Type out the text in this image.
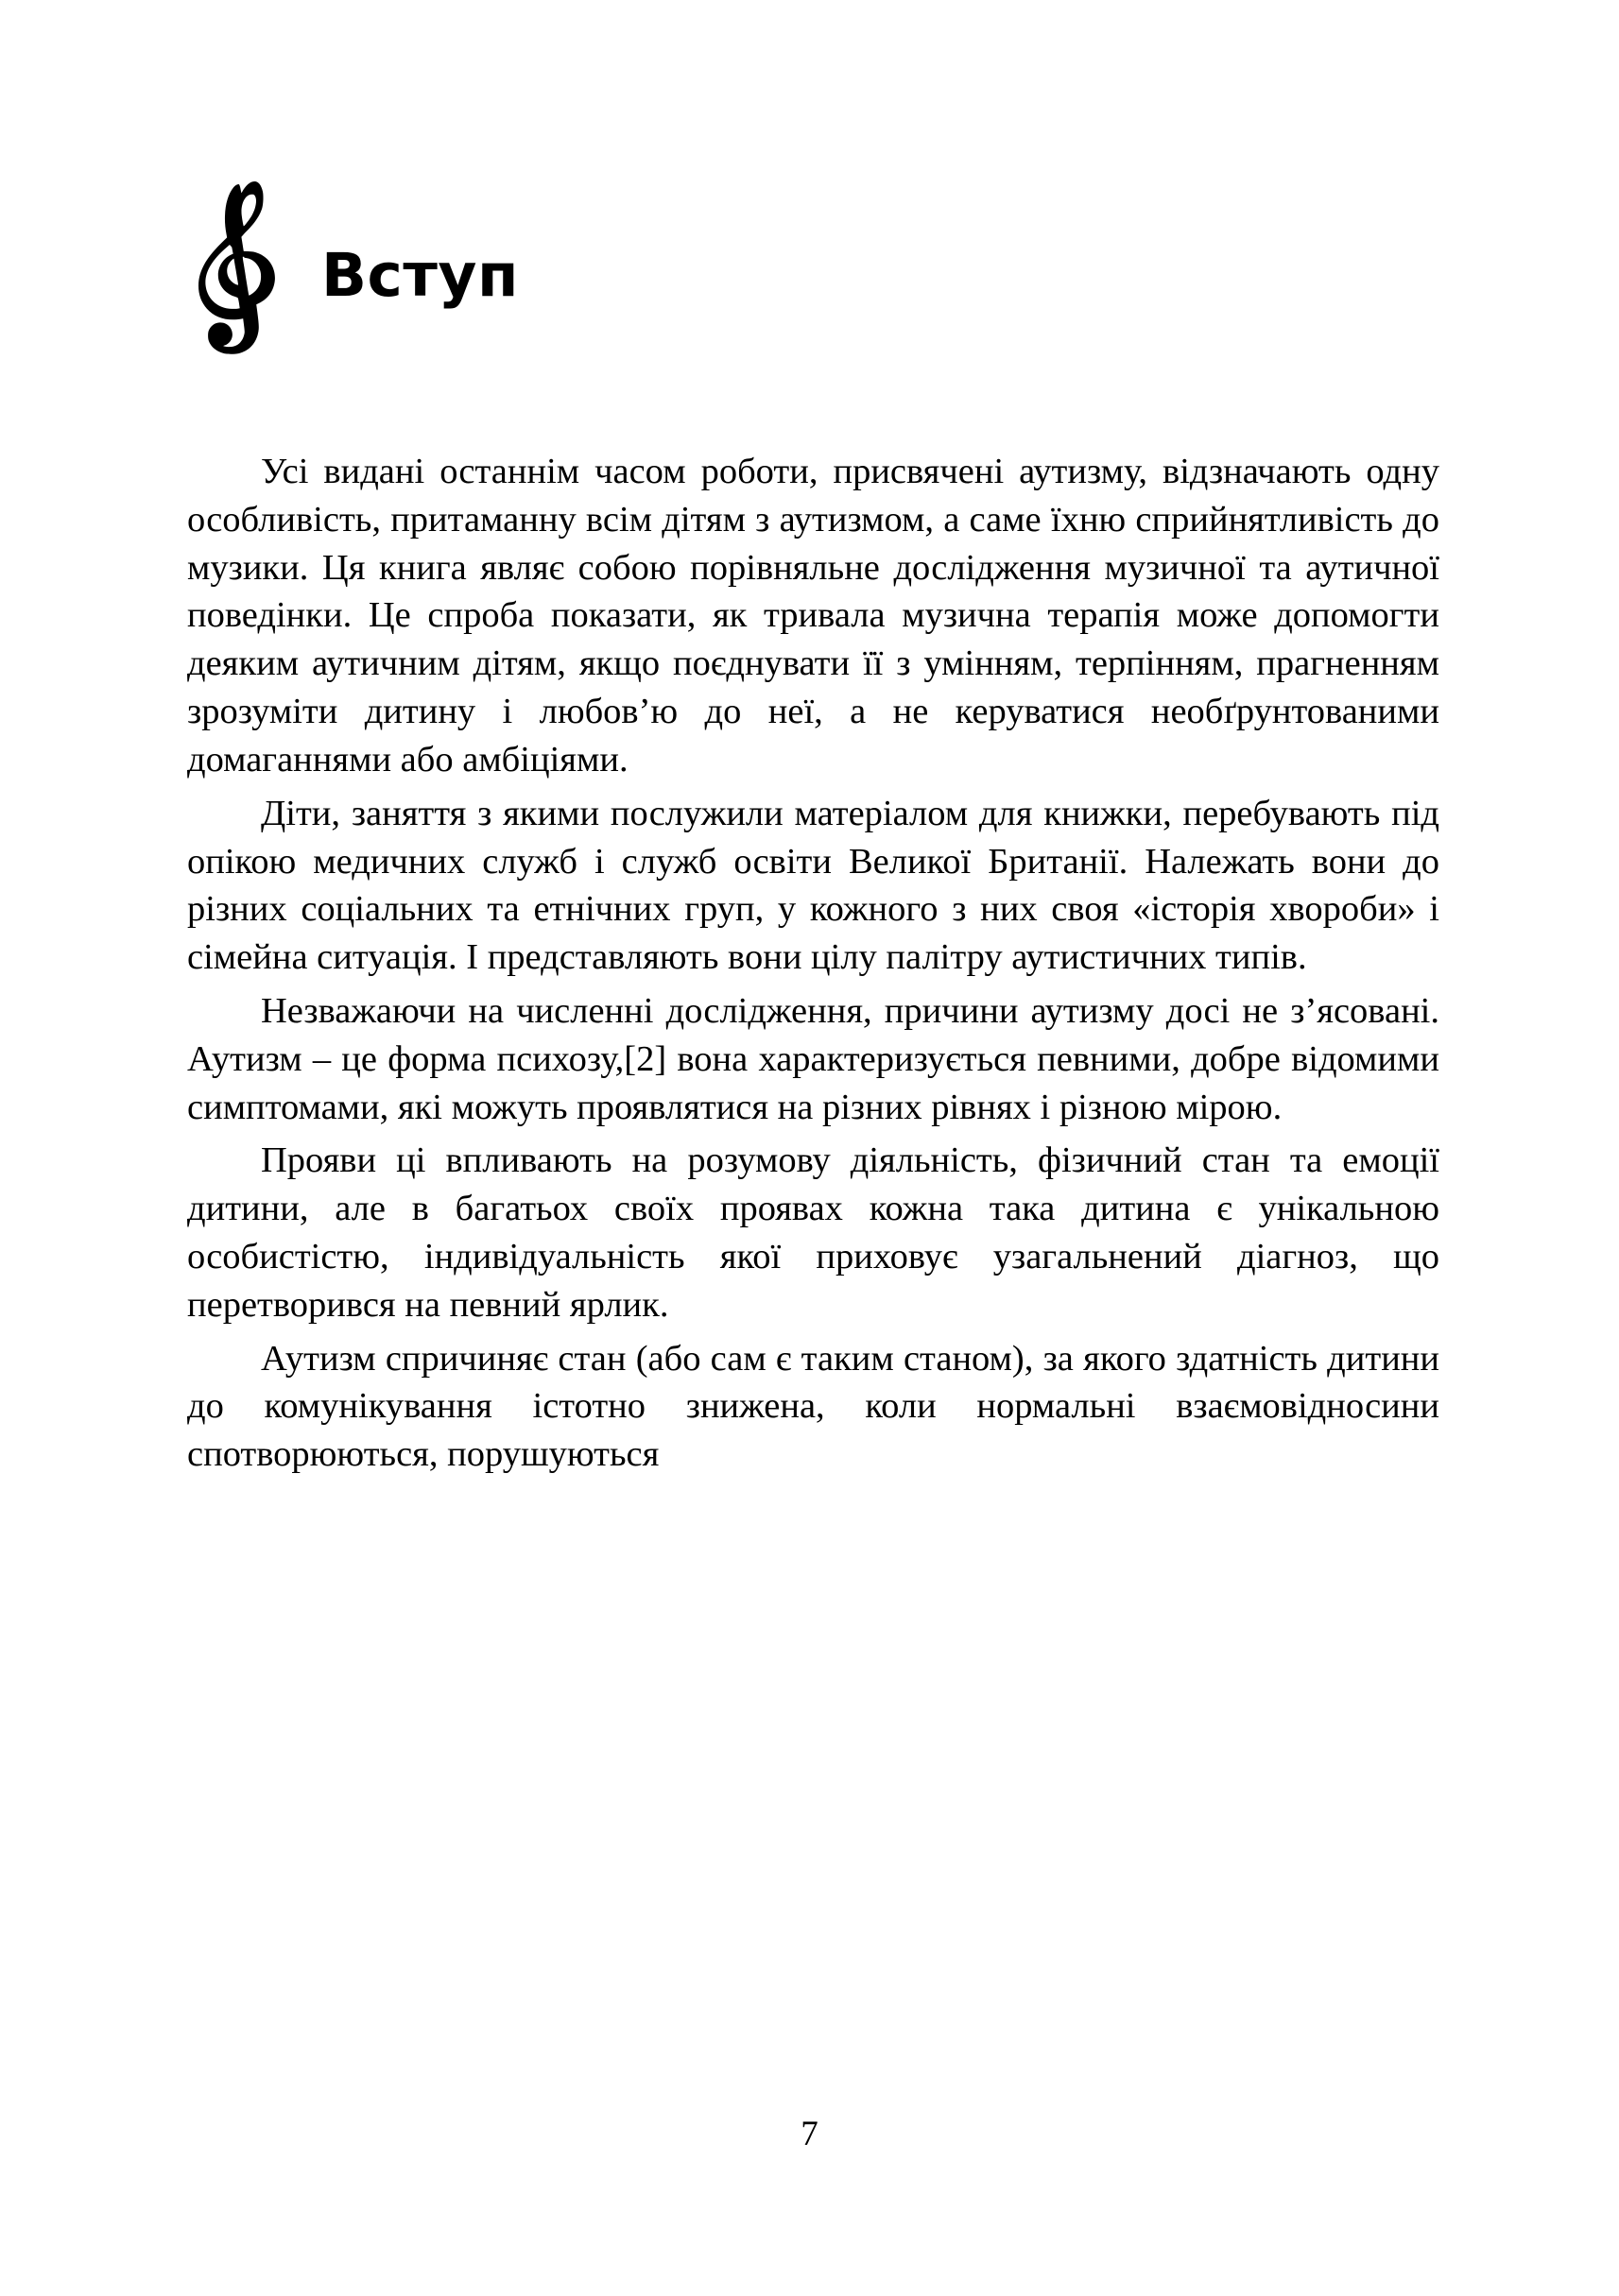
Вступ

Усі видані останнім часом роботи, присвячені аутизму, відзначають одну особливість, притаманну всім дітям з аутизмом, а саме їхню сприйнятливість до музики. Ця книга являє собою порівняльне дослідження музичної та аутичної поведінки. Це спроба показати, як тривала музична терапія може допомогти деяким аутичним дітям, якщо поєднувати її з умінням, терпінням, прагненням зрозуміти дитину і любов’ю до неї, а не керуватися необґрунтованими домаганнями або амбіціями.

Діти, заняття з якими послужили матеріалом для книжки, перебувають під опікою медичних служб і служб освіти Великої Британії. Належать вони до різних соціальних та етнічних груп, у кожного з них своя «історія хвороби» і сімейна ситуація. І представляють вони цілу палітру аутистичних типів.

Незважаючи на численні дослідження, причини аутизму досі не з’ясовані. Аутизм – це форма психозу,[2] вона характеризується певними, добре відомими симптомами, які можуть проявлятися на різних рівнях і різною мірою.

Прояви ці впливають на розумову діяльність, фізичний стан та емоції дитини, але в багатьох своїх проявах кожна така дитина є унікальною особистістю, індивідуальність якої приховує узагальнений діагноз, що перетворився на певний ярлик.

Аутизм спричиняє стан (або сам є таким станом), за якого здатність дитини до комунікування істотно знижена, коли нормальні взаємовідносини спотворюються, порушуються

7
